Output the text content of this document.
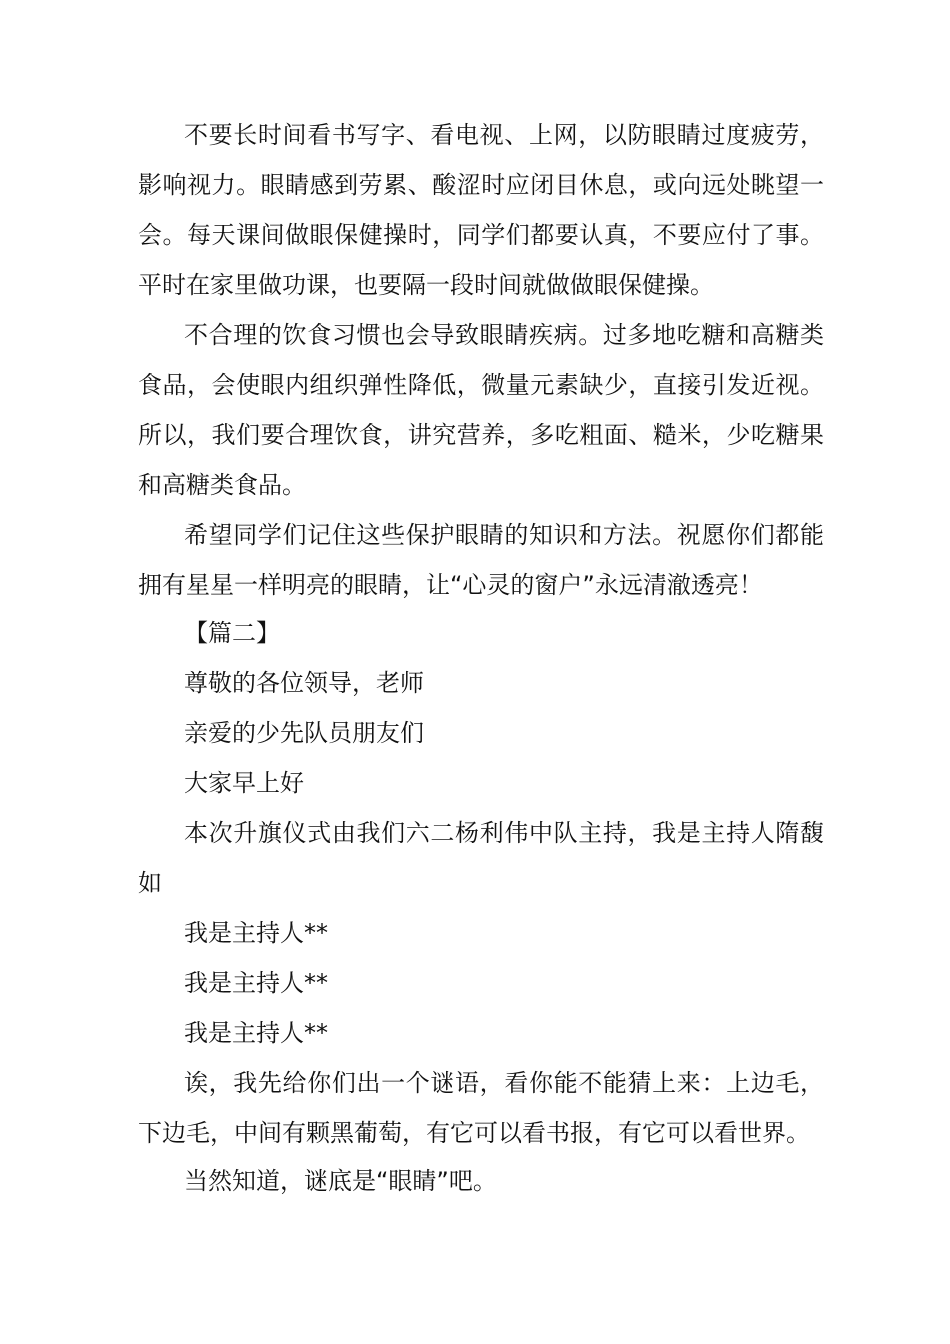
不要长时间看书写字、看电视、上网，以防眼睛过度疲劳，影响视力。眼睛感到劳累、酸涩时应闭目休息，或向远处眺望一会。每天课间做眼保健操时，同学们都要认真，不要应付了事。平时在家里做功课，也要隔一段时间就做做眼保健操。

不合理的饮食习惯也会导致眼睛疾病。过多地吃糖和高糖类食品，会使眼内组织弹性降低，微量元素缺少，直接引发近视。所以，我们要合理饮食，讲究营养，多吃粗面、糙米，少吃糖果和高糖类食品。

希望同学们记住这些保护眼睛的知识和方法。祝愿你们都能拥有星星一样明亮的眼睛，让“心灵的窗户”永远清澈透亮！

【篇二】

尊敬的各位领导，老师

亲爱的少先队员朋友们

大家早上好

本次升旗仪式由我们六二杨利伟中队主持，我是主持人隋馥如

我是主持人**

我是主持人**

我是主持人**

诶，我先给你们出一个谜语，看你能不能猜上来：上边毛，下边毛，中间有颗黑葡萄，有它可以看书报，有它可以看世界。

当然知道，谜底是“眼睛”吧。
